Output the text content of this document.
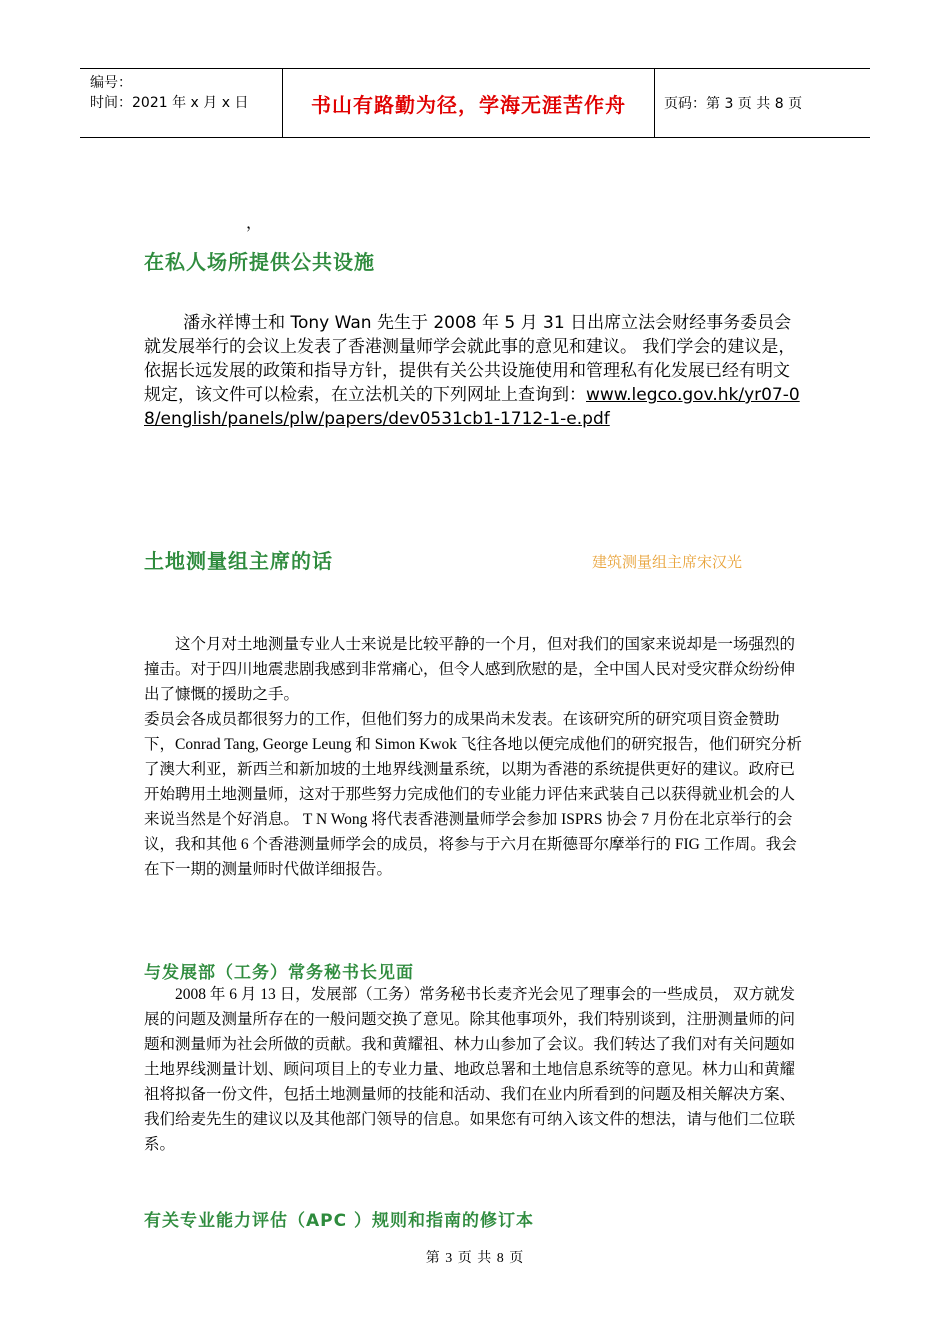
编号：
时间：2021 年 x 月 x 日	书山有路勤为径，学海无涯苦作舟	页码：第 3 页 共 8 页
，
在私人场所提供公共设施
潘永祥博士和 Tony Wan 先生于 2008 年 5 月 31 日出席立法会财经事务委员会就发展举行的会议上发表了香港测量师学会就此事的意见和建议。 我们学会的建议是，依据长远发展的政策和指导方针，提供有关公共设施使用和管理私有化发展已经有明文规定，该文件可以检索，在立法机关的下列网址上查询到：www.legco.gov.hk/yr07-08/english/panels/plw/papers/dev0531cb1-1712-1-e.pdf
土地测量组主席的话	建筑测量组主席宋汉光
这个月对土地测量专业人士来说是比较平静的一个月，但对我们的国家来说却是一场强烈的撞击。对于四川地震悲剧我感到非常痛心，但令人感到欣慰的是，全中国人民对受灾群众纷纷伸出了慷慨的援助之手。
委员会各成员都很努力的工作，但他们努力的成果尚未发表。在该研究所的研究项目资金赞助下，Conrad Tang, George Leung 和 Simon Kwok 飞往各地以便完成他们的研究报告，他们研究分析了澳大利亚，新西兰和新加坡的土地界线测量系统，以期为香港的系统提供更好的建议。政府已开始聘用土地测量师，这对于那些努力完成他们的专业能力评估来武装自己以获得就业机会的人来说当然是个好消息。 T N Wong 将代表香港测量师学会参加 ISPRS 协会 7 月份在北京举行的会议，我和其他 6 个香港测量师学会的成员，将参与于六月在斯德哥尔摩举行的 FIG 工作周。我会在下一期的测量师时代做详细报告。
与发展部（工务）常务秘书长见面
2008 年 6 月 13 日，发展部（工务）常务秘书长麦齐光会见了理事会的一些成员， 双方就发展的问题及测量所存在的一般问题交换了意见。除其他事项外，我们特别谈到，注册测量师的问题和测量师为社会所做的贡献。我和黄耀祖、林力山参加了会议。我们转达了我们对有关问题如土地界线测量计划、顾问项目上的专业力量、地政总署和土地信息系统等的意见。林力山和黄耀祖将拟备一份文件，包括土地测量师的技能和活动、我们在业内所看到的问题及相关解决方案、我们给麦先生的建议以及其他部门领导的信息。如果您有可纳入该文件的想法，请与他们二位联系。
有关专业能力评估（APC ）规则和指南的修订本
第 3 页 共 8 页
